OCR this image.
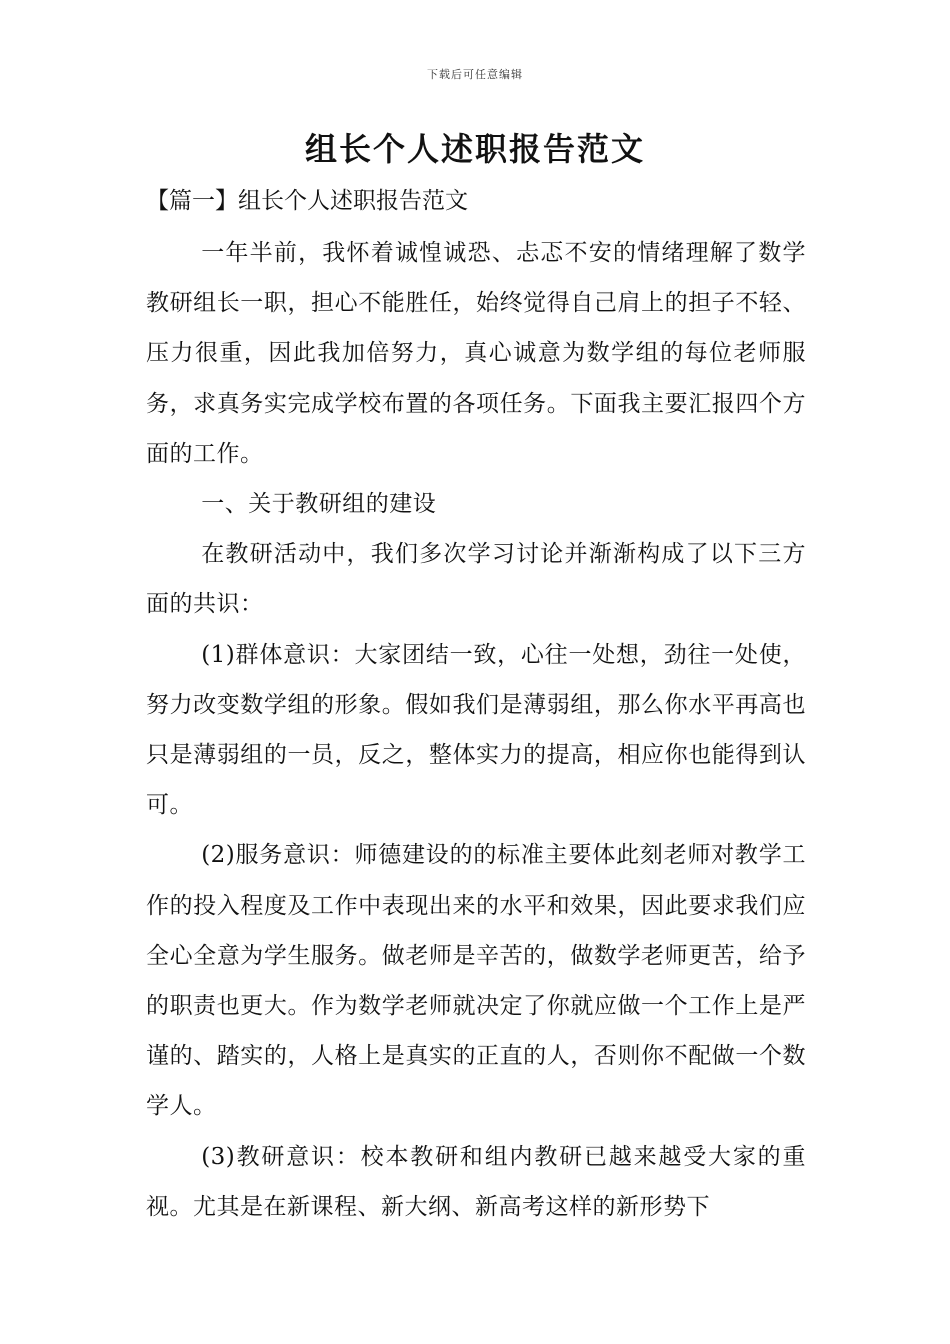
下载后可任意编辑
组长个人述职报告范文
【篇一】组长个人述职报告范文

一年半前，我怀着诚惶诚恐、忐忑不安的情绪理解了数学教研组长一职，担心不能胜任，始终觉得自己肩上的担子不轻、压力很重，因此我加倍努力，真心诚意为数学组的每位老师服务，求真务实完成学校布置的各项任务。下面我主要汇报四个方面的工作。

一、关于教研组的建设

在教研活动中，我们多次学习讨论并渐渐构成了以下三方面的共识：

(1)群体意识：大家团结一致，心往一处想，劲往一处使，努力改变数学组的形象。假如我们是薄弱组，那么你水平再高也只是薄弱组的一员，反之，整体实力的提高，相应你也能得到认可。

(2)服务意识：师德建设的的标准主要体此刻老师对教学工作的投入程度及工作中表现出来的水平和效果，因此要求我们应全心全意为学生服务。做老师是辛苦的，做数学老师更苦，给予的职责也更大。作为数学老师就决定了你就应做一个工作上是严谨的、踏实的，人格上是真实的正直的人，否则你不配做一个数学人。

(3)教研意识：校本教研和组内教研已越来越受大家的重视。尤其是在新课程、新大纲、新高考这样的新形势下
